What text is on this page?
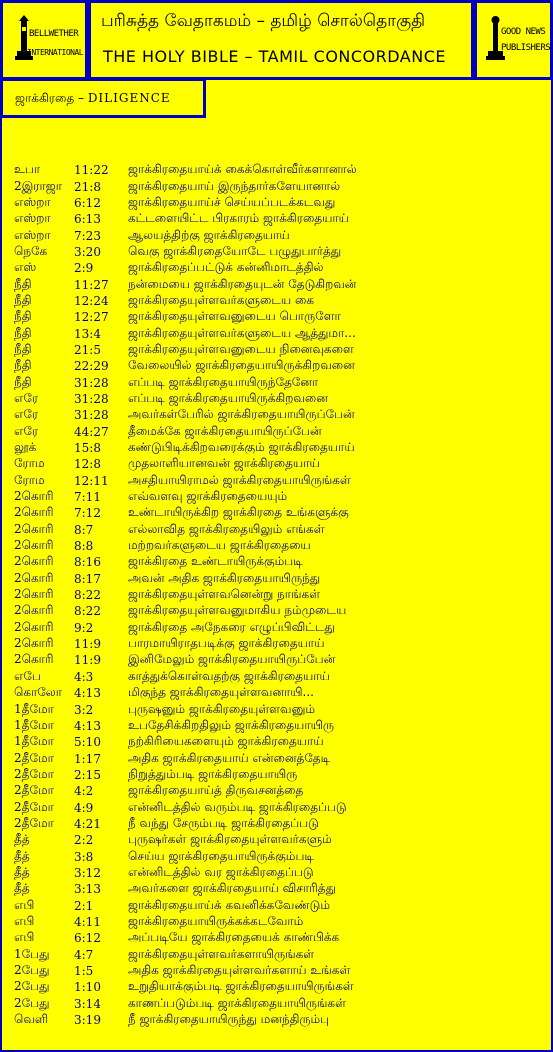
BELLWETHER
INTERNATIONAL
பரிசுத்த வேதாகமம் – தமிழ் சொல்தொகுதி
THE HOLY BIBLE – TAMIL CONCORDANCE
GOOD NEWS
PUBLISHERS
ஜாக்கிரதை – DILIGENCE
உபா	11:22	ஜாக்கிரதையாய்க் கைக்கொள்வீர்களானால்
2இராஜா 21:8	ஜாக்கிரதையாய் இருந்தார்களேயானால்
எஸ்றா	6:12	ஜாக்கிரதையாய்ச் செய்யப்படக்கடவது
எஸ்றா	6:13	கட்டளையிட்ட பிரகாரம் ஜாக்கிரதையாய்
எஸ்றா	7:23	ஆலயத்திற்கு ஜாக்கிரதையாய்
நெகே	3:20	வெகு ஜாக்கிரதையோடே பழுதுபார்த்து
எஸ்	2:9	ஜாக்கிரதைப்பட்டுக் கன்னிமாடத்தில்
நீதி	11:27	நன்மையை ஜாக்கிரதையுடன் தேடுகிறவன்
நீதி	12:24	ஜாக்கிரதையுள்ளவர்களுடைய கை
நீதி	12:27	ஜாக்கிரதையுள்ளவனுடைய பொருளோ
நீதி	13:4	ஜாக்கிரதையுள்ளவர்களுடைய ஆத்துமா...
நீதி	21:5	ஜாக்கிரதையுள்ளவனுடைய நினைவுகளை
நீதி	22:29	வேலையில் ஜாக்கிரதையாயிருக்கிறவனை
நீதி	31:28	எப்படி ஜாக்கிரதையாயிருந்தேனோ
எரே	31:28	எப்படி ஜாக்கிரதையாயிருக்கிறவனை
எரே	31:28	அவர்கள்பேரில் ஜாக்கிரதையாயிருப்பேன்
எரே	44:27	தீமைக்கே ஜாக்கிரதையாயிருப்பேன்
லூக்	15:8	கண்டுபிடிக்கிறவரைக்கும் ஜாக்கிரதையாய்
ரோம	12:8	முதலாளியானவன் ஜாக்கிரதையாய்
ரோம	12:11	அசதியாயிராமல் ஜாக்கிரதையாயிருங்கள்
2கொரி	7:11	எவ்வளவு ஜாக்கிரதையையும்
2கொரி	7:12	உண்டாயிருக்கிற ஜாக்கிரதை உங்களுக்கு
2கொரி	8:7	எல்லாவித ஜாக்கிரதையிலும் எங்கள்
2கொரி	8:8	மற்றவர்களுடைய ஜாக்கிரதையை
2கொரி	8:16	ஜாக்கிரதை உண்டாயிருக்கும்படி
2கொரி	8:17	அவன் அதிக ஜாக்கிரதையாயிருந்து
2கொரி	8:22	ஜாக்கிரதையுள்ளவனென்று நாங்கள்
2கொரி	8:22	ஜாக்கிரதையுள்ளவனுமாகிய நம்முடைய
2கொரி	9:2	ஜாக்கிரதை அநேகரை எழுப்பிவிட்டது
2கொரி	11:9	பாரமாயிராதபடிக்கு ஜாக்கிரதையாய்
2கொரி	11:9	இனிமேலும் ஜாக்கிரதையாயிருப்பேன்
எபே	4:3	காத்துக்கொள்வதற்கு ஜாக்கிரதையாய்
கொலோ 4:13	மிகுந்த ஜாக்கிரதையுள்ளவனாயி...
1தீமோ	3:2	புருஷனும் ஜாக்கிரதையுள்ளவனும்
1தீமோ	4:13	உபதேசிக்கிறதிலும் ஜாக்கிரதையாயிரு
1தீமோ	5:10	நற்கிரியைகளையும் ஜாக்கிரதையாய்
2தீமோ	1:17	அதிக ஜாக்கிரதையாய் என்னைத்தேடி
2தீமோ	2:15	நிறுத்தும்படி ஜாக்கிரதையாயிரு
2தீமோ	4:2	ஜாக்கிரதையாய்த் திருவசனத்தை
2தீமோ	4:9	என்னிடத்தில் வரும்படி ஜாக்கிரதைப்படு
2தீமோ	4:21	நீ வந்து சேரும்படி ஜாக்கிரதைப்படு
தீத்	2:2	புருஷர்கள் ஜாக்கிரதையுள்ளவர்களும்
தீத்	3:8	செய்ய ஜாக்கிரதையாயிருக்கும்படி
தீத்	3:12	என்னிடத்தில் வர ஜாக்கிரதைப்படு
தீத்	3:13	அவர்களை ஜாக்கிரதையாய் விசாரித்து
எபி	2:1	ஜாக்கிரதையாய்க் கவனிக்கவேண்டும்
எபி	4:11	ஜாக்கிரதையாயிருக்கக்கடவோம்
எபி	6:12	அப்படியே ஜாக்கிரதையைக் காண்பிக்க
1பேது	4:7	ஜாக்கிரதையுள்ளவர்களாயிருங்கள்
2பேது	1:5	அதிக ஜாக்கிரதையுள்ளவர்களாய் உங்கள்
2பேது	1:10	உறுதியாக்கும்படி ஜாக்கிரதையாயிருங்கள்
2பேது	3:14	காணப்படும்படி ஜாக்கிரதையாயிருங்கள்
வெளி	3:19	நீ ஜாக்கிரதையாயிருந்து மனந்திரும்பு
